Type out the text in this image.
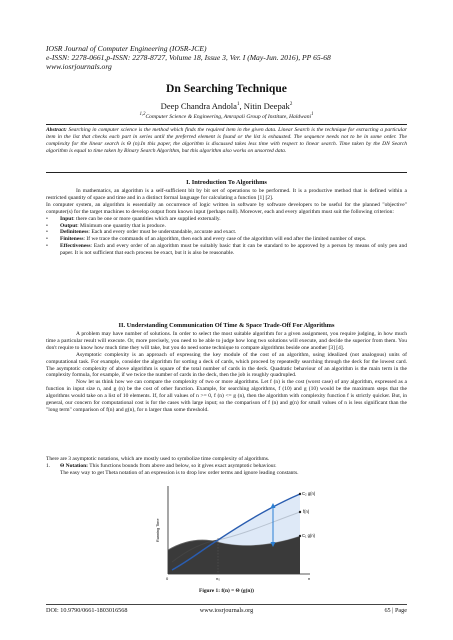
IOSR Journal of Computer Engineering (IOSR-JCE)
e-ISSN: 2278-0661,p-ISSN: 2278-8727, Volume 18, Issue 3, Ver. I (May-Jun. 2016), PP 65-68
www.iosrjournals.org
Dn Searching Technique
Deep Chandra Andola$^1$, Nitin Deepak$^2$
$^{1,2}$Computer Science & Engineering, Amrapali Group of Institute, Haldwani$^1$
Abstract: Searching in computer science is the method which finds the required item in the given data. Linear Search is the technique for extracting a particular item in the list that checks each part in series until the preferred element is found or the list is exhausted. The sequence needs not to be in some order. The complexity for the linear search is Θ (n).In this paper, the algorithm is discussed takes less time with respect to linear search. Time taken by the DN Search algorithm is equal to time taken by Binary Search Algorithm, but this algorithm also works on unsorted data.
I. Introduction To Algorithms

In mathematics, an algorithm is a self-sufficient bit by bit set of operations to be performed. It is a productive method that is defined within a restricted quantity of space and time and in a distinct formal language for calculating a function [1] [2].

In computer system, an algorithm is essentially an occurrence of logic written in software by software developers to be useful for the planned "objective" computer(s) for the target machines to develop output from known input (perhaps null). Moreover, each and every algorithm must suit the following criterion:

•	Input: there can be one or more quantities which are supplied externally.
•	Output: Minimum one quantity that is produce.
•	Definiteness: Each and every order must be understandable, accurate and exact.
•	Finiteness: If we trace the commands of an algorithm, then each and every case of the algorithm will end after the limited number of steps.
•	Effectiveness: Each and every order of an algorithm must be suitably basic that it can be standard to be approved by a person by means of only pen and paper. It is not sufficient that each process be exact, but it is also be reasonable.
II. Understanding Communication Of Time & Space Trade-Off For Algorithms

A problem may have number of solutions. In order to select the most suitable algorithm for a given assignment, you require judging, in how much time a particular result will execute. Or, more precisely, you need to be able to judge how long two solutions will execute, and decide the superior from them. You don't require to know how much time they will take, but you do need some technique to compare algorithms beside one another [3] [4].

Asymptotic complexity is an approach of expressing the key module of the cost of an algorithm, using idealized (not analogous) units of computational task. For example, consider the algorithm for sorting a deck of cards, which proceed by repeatedly searching through the deck for the lowest card. The asymptotic complexity of above algorithm is square of the total number of cards in the deck. Quadratic behaviour of an algorithm is the main term in the complexity formula, for example, if we twice the number of cards in the deck, then the job is roughly quadrupled.

Now let us think how we can compare the complexity of two or more algorithms. Let f (n) is the cost (worst case) of any algorithm, expressed as a function in input size n, and g (n) be the cost of other function. Example, for searching algorithms, f (10) and g (10) would be the maximum steps that the algorithms would take on a list of 10 elements. If, for all values of n >= 0, f (n) <= g (n), then the algorithm with complexity function f is strictly quicker. But, in general, our concern for computational cost is for the cases with large input; so the comparison of f (n) and g(n) for small values of n is less significant than the "long term" comparison of f(n) and g(n), for n larger than some threshold.

There are 3 asymptotic notations, which are mostly used to symbolize time complexity of algorithms.

1.	Θ Notation: This functions bounds from above and below, so it gives exact asymptotic behaviour.
The easy way to get Theta notation of an expression is to drop low order terms and ignore leading constants.
C₂ g(n)
f(n)
C₁ g(n)
Running Time
0	n₀	n
Figure 1: f(n) = Θ (g(n))
DOI: 10.9790/0661-1803016568	www.iosrjournals.org	65 | Page
